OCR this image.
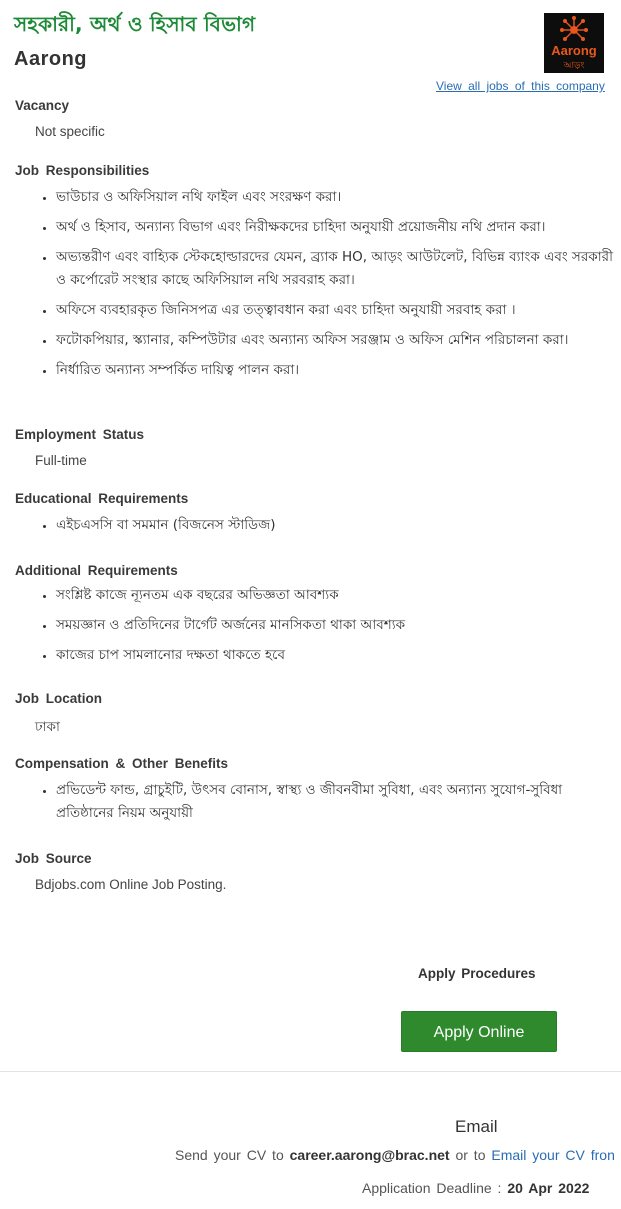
সহকারী, অর্থ ও হিসাব বিভাগ
Aarong	Aarong
আড়ং
View all jobs of this company
Vacancy
Not specific
Job Responsibilities
• ভাউচার ও অফিসিয়াল নথি ফাইল এবং সংরক্ষণ করা।
• অর্থ ও হিসাব, অন্যান্য বিভাগ এবং নিরীক্ষকদের চাহিদা অনুযায়ী প্রয়োজনীয় নথি প্রদান করা।
• অভ্যন্তরীণ এবং বাহ্যিক স্টেকহোল্ডারদের যেমন, ব্র্যাক HO, আড়ং আউটলেট, বিভিন্ন ব্যাংক এবং সরকারী ও কর্পোরেট সংস্থার কাছে অফিসিয়াল নথি সরবরাহ করা।
• অফিসে ব্যবহারকৃত জিনিসপত্র এর তত্ত্বাবধান করা এবং চাহিদা অনুযায়ী সরবাহ করা ।
• ফটোকপিয়ার, স্ক্যানার, কম্পিউটার এবং অন্যান্য অফিস সরঞ্জাম ও অফিস মেশিন পরিচালনা করা।
• নির্ধারিত অন্যান্য সম্পর্কিত দায়িত্ব পালন করা।
Employment Status
Full-time
Educational Requirements
• এইচএসসি বা সমমান (বিজনেস স্টাডিজ)
Additional Requirements
• সংশ্লিষ্ট কাজে ন্যূনতম এক বছরের অভিজ্ঞতা আবশ্যক
• সময়জ্ঞান ও প্রতিদিনের টার্গেট অর্জনের মানসিকতা থাকা আবশ্যক
• কাজের চাপ সামলানোর দক্ষতা থাকতে হবে
Job Location
ঢাকা
Compensation & Other Benefits
• প্রভিডেন্ট ফান্ড, গ্রাচুইটি, উৎসব বোনাস, স্বাস্থ্য ও জীবনবীমা সুবিধা, এবং অন্যান্য সুযোগ-সুবিধা প্রতিষ্ঠানের নিয়ম অনুযায়ী
Job Source
Bdjobs.com Online Job Posting.
Apply Procedures
Apply Online
Email
Send your CV to career.aarong@brac.net or to Email your CV fron
Application Deadline : 20 Apr 2022
